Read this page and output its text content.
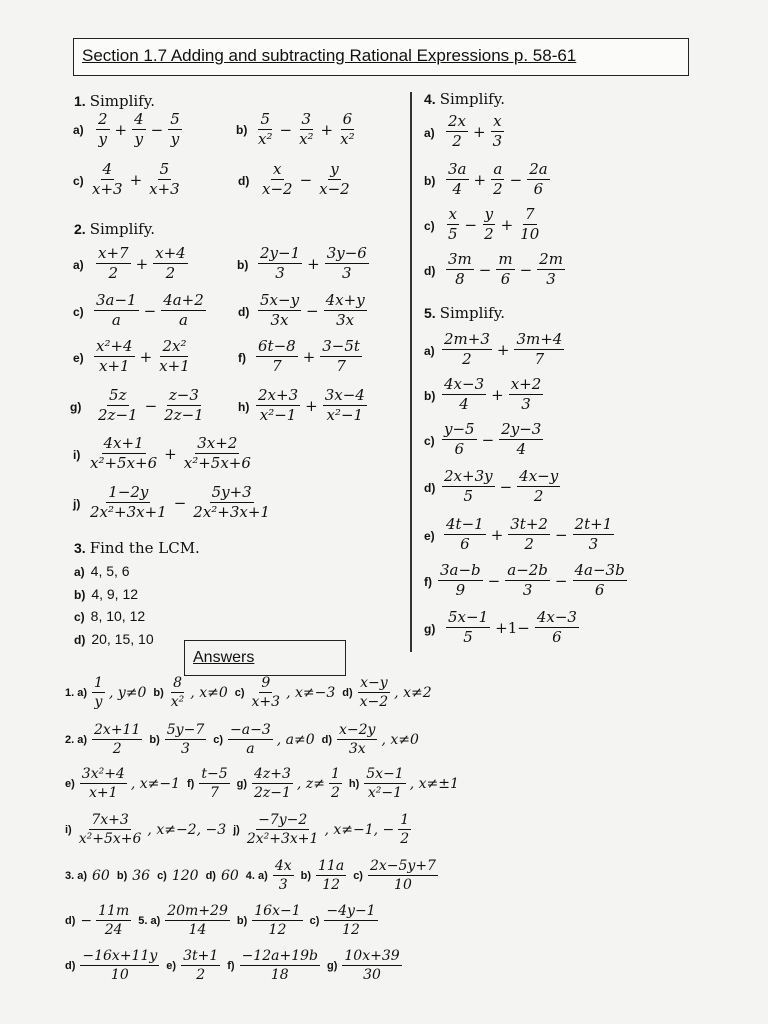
Section 1.7 Adding and subtracting Rational Expressions p. 58-61
1. Simplify.
$a) \frac{2}{y} + \frac{4}{y} - \frac{5}{y}$	$b) \frac{5}{\text{x²}} - \frac{3}{\text{x²}} + \frac{6}{\text{x²}}$
$c) \frac{4}{x+3} + \frac{5}{x+3}$	$d) \frac{x}{x-2} - \frac{y}{x-2}$
2. Simplify.
$a) \frac{x+7}{2} + \frac{x+4}{2}$	$b) \frac{2y-1}{3} + \frac{3y-6}{3}$
$c) \frac{3a-1}{a} - \frac{4a+2}{a}$	$d) \frac{5x-y}{3x} - \frac{4x+y}{3x}$
$e) \frac{\text{x²+4}}{x+1} + \frac{\text{2x²}}{x+1}$	$f) \frac{6t-8}{7} + \frac{3-5t}{7}$
$g) \frac{5z}{2z-1} - \frac{z-3}{2z-1}$	$h) \frac{2x+3}{\text{x²−1}} + \frac{3x-4}{\text{x²−1}}$
$i) \frac{4x+1}{\text{x²+5x+6}} + \frac{3x+2}{\text{x²+5x+6}}$
$j) \frac{1-2y}{\text{2x²+3x+1}} - \frac{5y+3}{\text{2x²+3x+1}}$
3. Find the LCM.
a) 4, 5, 6
b) 4, 9, 12
c) 8, 10, 12
d) 20, 15, 10
4. Simplify.
$a) \frac{2x}{2} + \frac{x}{3}$
$b) \frac{3a}{4} + \frac{a}{2} - \frac{2a}{6}$
$c) \frac{x}{5} - \frac{y}{2} + \frac{7}{10}$
$d) \frac{3m}{8} - \frac{m}{6} - \frac{2m}{3}$
5. Simplify.
$a) \frac{2m+3}{2} + \frac{3m+4}{7}$
$b) \frac{4x-3}{4} + \frac{x+2}{3}$
$c) \frac{y-5}{6} - \frac{2y-3}{4}$
$d) \frac{2x+3y}{5} - \frac{4x-y}{2}$
$e) \frac{4t-1}{6} + \frac{3t+2}{2} - \frac{2t+1}{3}$
$f) \frac{3a-b}{9} - \frac{a-2b}{3} - \frac{4a-3b}{6}$
$g) \frac{5x-1}{5} +1- \frac{4x-3}{6}$
Answers
1. $a) \frac{1}{y}$ , y≠0 $b) \frac{8}{\text{x²}}$ , x≠0 $c) \frac{9}{x+3}$ , x≠−3 $d) \frac{x-y}{x-2}$ , x≠2
2. $a) \frac{2x+11}{2} b) \frac{5y-7}{3} c) \frac{-a-3}{a}$ , a≠0 $d) \frac{x-2y}{3x}$ , x≠0
$e) \frac{\text{3x²+4}}{x+1}$ , x≠−1 $f) \frac{t-5}{7} g) \frac{4z+3}{2z-1}$ , $z\ne \frac{1}{2} h) \frac{5x-1}{\text{x²−1}}$ , x≠±1
$i) \frac{7x+3}{\text{x²+5x+6}}$ , x≠−2, −3 $j) \frac{-7y-2}{\text{2x²+3x+1}}$ , x≠−1, − $\frac{1}{2}$
3. a) 60 b) 36 c) 120 d) 60 4. $a) \frac{4x}{3} b) \frac{11a}{12} c) \frac{2x-5y+7}{10}$
$d) - \frac{11m}{24} 5$. $a) \frac{20m+29}{14} b) \frac{16x-1}{12} c) \frac{-4y-1}{12}$
$d) \frac{-16x+11y}{10} e) \frac{3t+1}{2} f) \frac{-12a+19b}{18} g) \frac{10x+39}{30}$
